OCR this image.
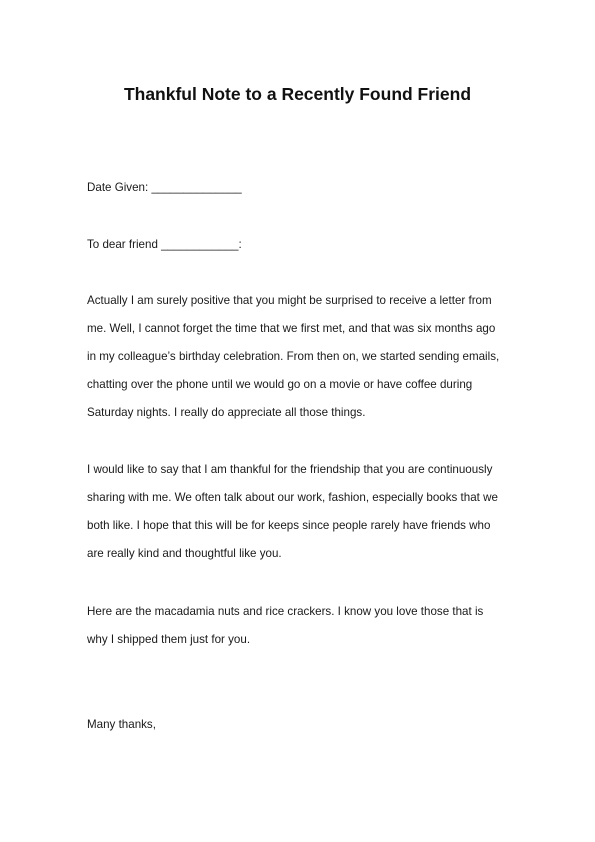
Thankful Note to a Recently Found Friend
Date Given: ______________
To dear friend ____________:
Actually I am surely positive that you might be surprised to receive a letter from
me. Well, I cannot forget the time that we first met, and that was six months ago
in my colleague’s birthday celebration. From then on, we started sending emails,
chatting over the phone until we would go on a movie or have coffee during
Saturday nights. I really do appreciate all those things.
I would like to say that I am thankful for the friendship that you are continuously
sharing with me. We often talk about our work, fashion, especially books that we
both like. I hope that this will be for keeps since people rarely have friends who
are really kind and thoughtful like you.
Here are the macadamia nuts and rice crackers. I know you love those that is
why I shipped them just for you.
Many thanks,
